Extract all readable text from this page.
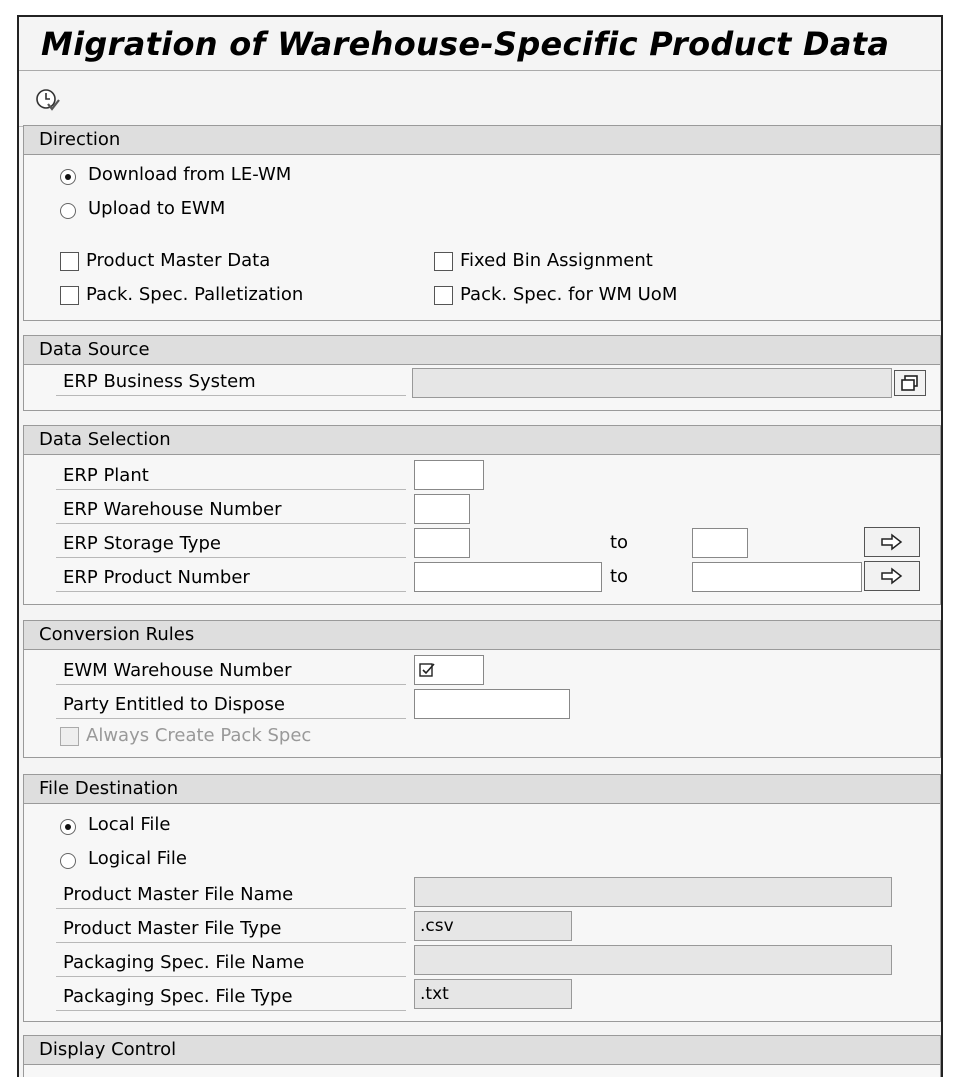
Migration of Warehouse-Specific Product Data
Direction
Download from LE-WM
Upload to EWM
Product Master Data	Fixed Bin Assignment
Pack. Spec. Palletization	Pack. Spec. for WM UoM
Data Source
ERP Business System
Data Selection
ERP Plant
ERP Warehouse Number
ERP Storage Type	to
ERP Product Number	to
Conversion Rules
EWM Warehouse Number
Party Entitled to Dispose
Always Create Pack Spec
File Destination
Local File
Logical File
Product Master File Name
Product Master File Type	.csv
Packaging Spec. File Name
Packaging Spec. File Type	.txt
Display Control
